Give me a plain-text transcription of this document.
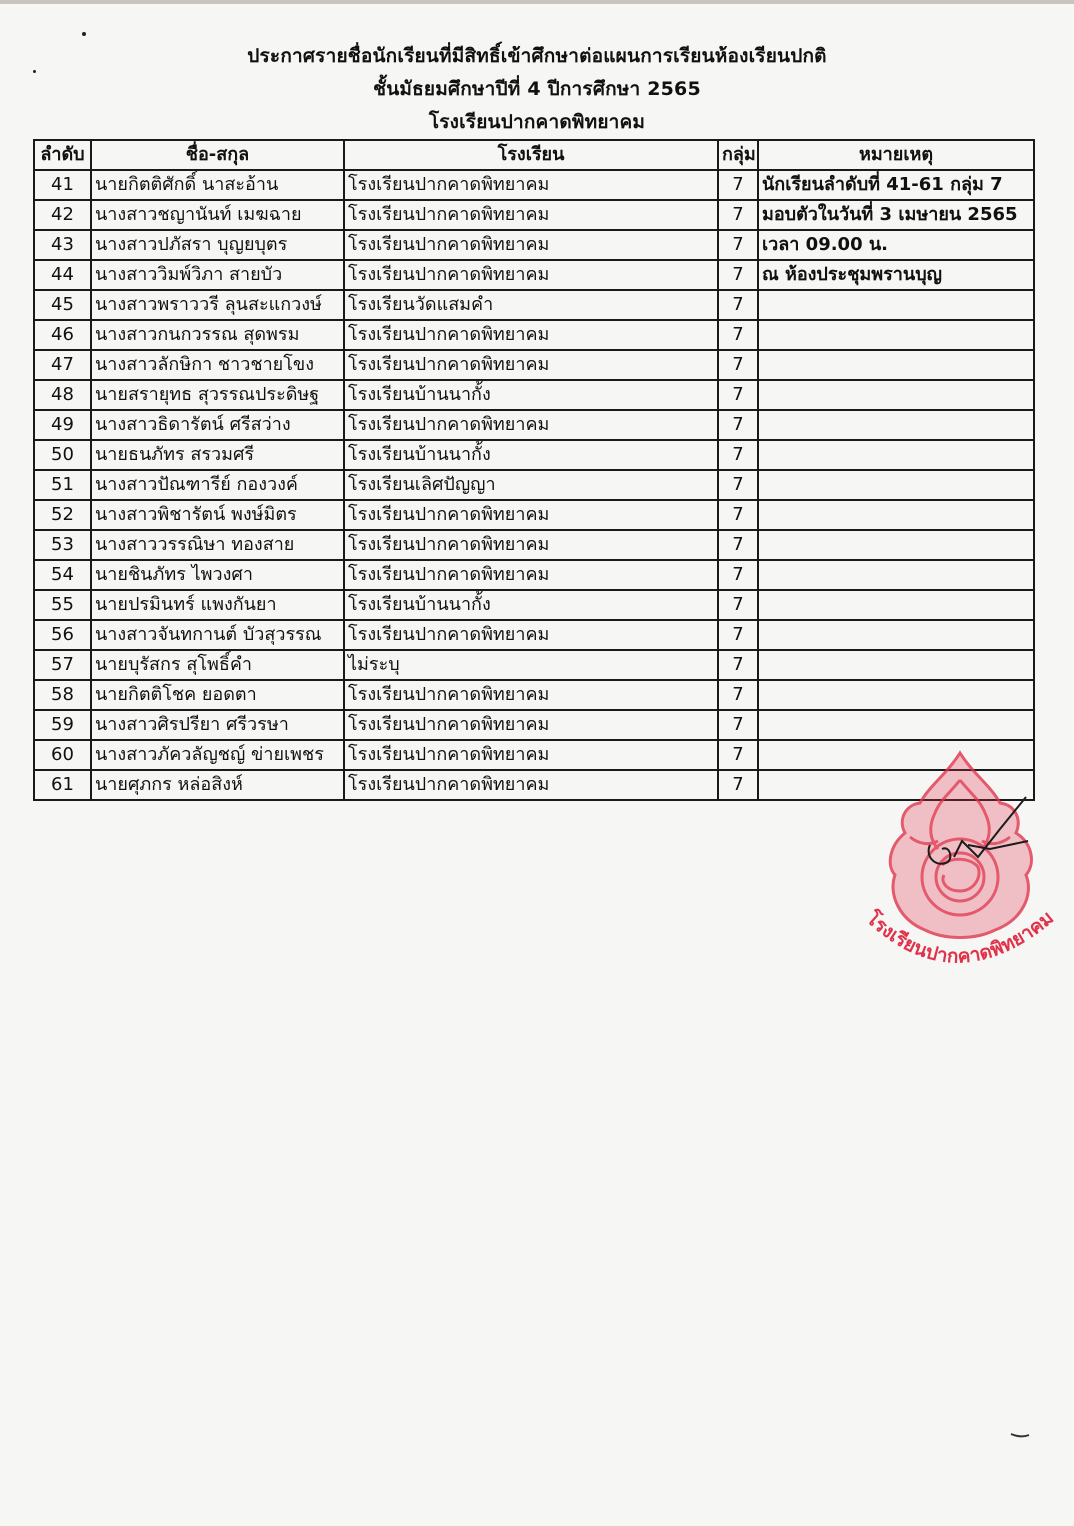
ประกาศรายชื่อนักเรียนที่มีสิทธิ์เข้าศึกษาต่อแผนการเรียนห้องเรียนปกติ
ชั้นมัธยมศึกษาปีที่ 4 ปีการศึกษา 2565
โรงเรียนปากคาดพิทยาคม
ลำดับ	ชื่อ-สกุล	โรงเรียน	กลุ่ม	หมายเหตุ
41	นายกิตติศักดิ์ นาสะอ้าน	โรงเรียนปากคาดพิทยาคม	7	นักเรียนลำดับที่ 41-61 กลุ่ม 7
42	นางสาวชญานันท์ เมฆฉาย	โรงเรียนปากคาดพิทยาคม	7	มอบตัวในวันที่ 3 เมษายน 2565
43	นางสาวปภัสรา บุญยบุตร	โรงเรียนปากคาดพิทยาคม	7	เวลา 09.00 น.
44	นางสาววิมพ์วิภา สายบัว	โรงเรียนปากคาดพิทยาคม	7	ณ ห้องประชุมพรานบุญ
45	นางสาวพราววรี ลุนสะแกวงษ์	โรงเรียนวัดแสมคำ	7	
46	นางสาวกนกวรรณ สุดพรม	โรงเรียนปากคาดพิทยาคม	7	
47	นางสาวลักษิกา ชาวชายโขง	โรงเรียนปากคาดพิทยาคม	7	
48	นายสรายุทธ สุวรรณประดิษฐ	โรงเรียนบ้านนากั้ง	7	
49	นางสาวธิดารัตน์ ศรีสว่าง	โรงเรียนปากคาดพิทยาคม	7	
50	นายธนภัทร สรวมศรี	โรงเรียนบ้านนากั้ง	7	
51	นางสาวปัณฑารีย์ กองวงค์	โรงเรียนเลิศปัญญา	7	
52	นางสาวพิชารัตน์ พงษ์มิตร	โรงเรียนปากคาดพิทยาคม	7	
53	นางสาววรรณิษา ทองสาย	โรงเรียนปากคาดพิทยาคม	7	
54	นายชินภัทร ไพวงศา	โรงเรียนปากคาดพิทยาคม	7	
55	นายปรมินทร์ แพงกันยา	โรงเรียนบ้านนากั้ง	7	
56	นางสาวจันทกานต์ บัวสุวรรณ	โรงเรียนปากคาดพิทยาคม	7	
57	นายบุรัสกร สุโพธิ์คำ	ไม่ระบุ	7	
58	นายกิตติโชค ยอดตา	โรงเรียนปากคาดพิทยาคม	7	
59	นางสาวศิรปรียา ศรีวรษา	โรงเรียนปากคาดพิทยาคม	7	
60	นางสาวภัควลัญชญ์ ข่ายเพชร	โรงเรียนปากคาดพิทยาคม	7	
61	นายศุภกร หล่อสิงห์	โรงเรียนปากคาดพิทยาคม	7	
โรงเรียนปากคาดพิทยาคม
